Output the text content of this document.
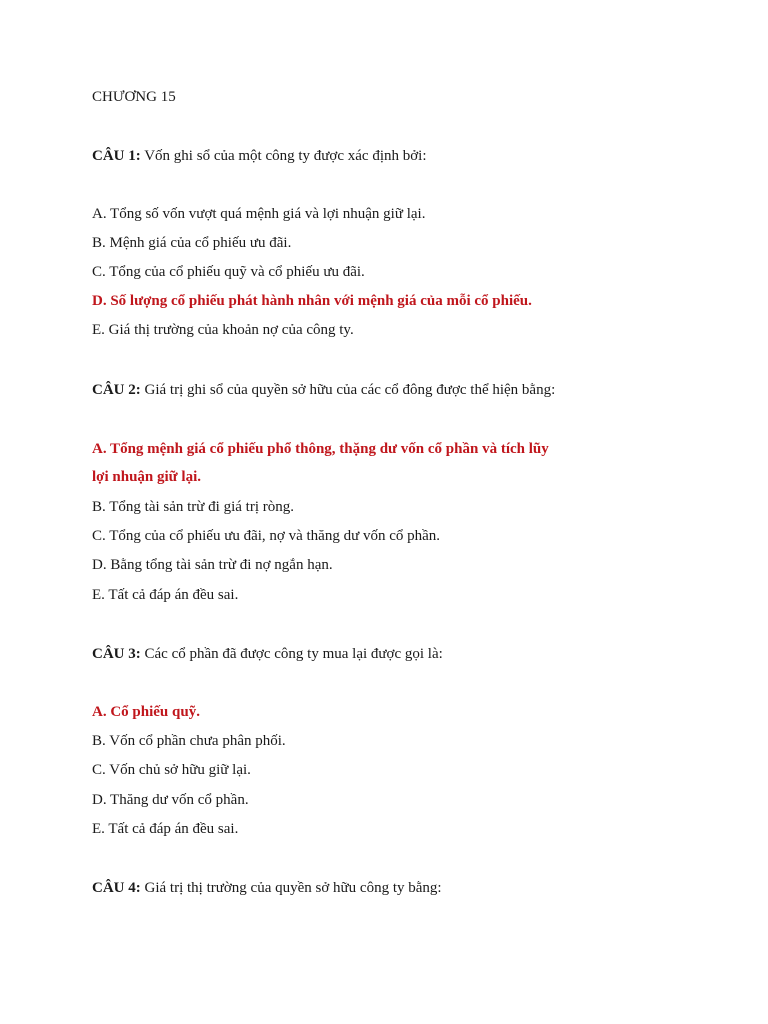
CHƯƠNG 15
CÂU 1: Vốn ghi sổ của một công ty được xác định bởi:
A. Tổng số vốn vượt quá mệnh giá và lợi nhuận giữ lại.
B. Mệnh giá của cổ phiếu ưu đãi.
C. Tổng của cổ phiếu quỹ và cổ phiếu ưu đãi.
D. Số lượng cổ phiếu phát hành nhân với mệnh giá của mỗi cổ phiếu.
E. Giá thị trường của khoản nợ của công ty.
CÂU 2: Giá trị ghi sổ của quyền sở hữu của các cổ đông được thể hiện bằng:
A. Tổng mệnh giá cổ phiếu phổ thông, thặng dư vốn cổ phần và tích lũy
lợi nhuận giữ lại.
B. Tổng tài sản trừ đi giá trị ròng.
C. Tổng của cổ phiếu ưu đãi, nợ và thăng dư vốn cổ phần.
D. Bằng tổng tài sản trừ đi nợ ngắn hạn.
E. Tất cả đáp án đều sai.
CÂU 3: Các cổ phần đã được công ty mua lại được gọi là:
A. Cổ phiếu quỹ.
B. Vốn cổ phần chưa phân phối.
C. Vốn chủ sở hữu giữ lại.
D. Thăng dư vốn cổ phần.
E. Tất cả đáp án đều sai.
CÂU 4: Giá trị thị trường của quyền sở hữu công ty bằng:
